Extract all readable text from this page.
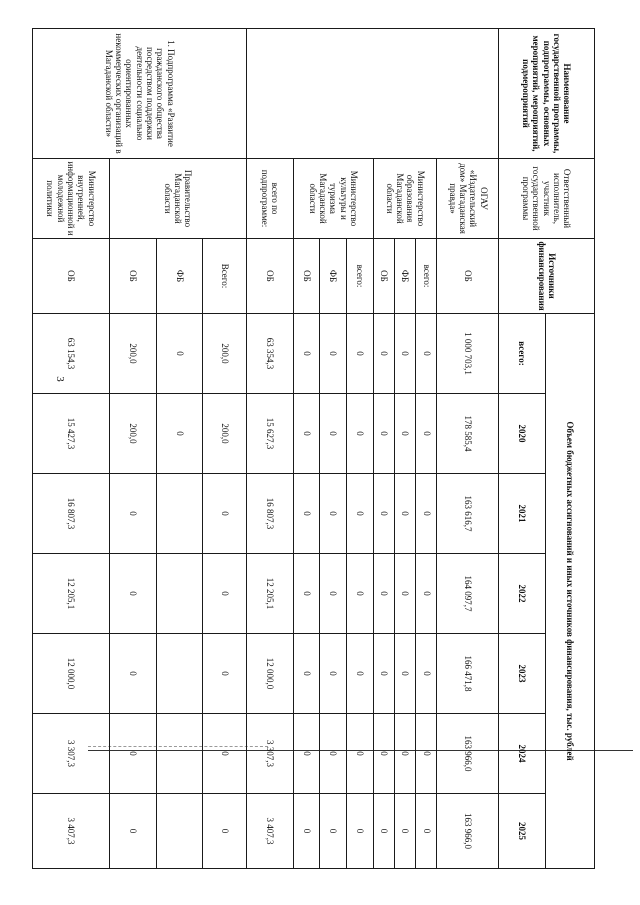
3
Наименование государственной программы, подпрограммы, основных мероприятий, мероприятий, подмероприятий	Ответственный исполнитель, участник государственной программы	Источники финансирования	Объем бюджетных ассигнований и иных источников финансирования, тыс. рублей						
			всего:	2020	2021	2022	2023	2024	2025
	ОГАУ «Издательский дом» Магаданская правда»	ОБ	1 000 703,1	178 585,4	163 616,7	164 097,7	166 471,8	163 966,0	163 966,0
	Министерство образования Магаданской области	всего:	0	0	0	0	0	0	0
		ФБ	0	0	0	0	0	0	0
		ОБ	0	0	0	0	0	0	0
	Министерство культуры и туризма Магаданской области	всего:	0	0	0	0	0	0	0
		ФБ	0	0	0	0	0	0	0
		ОБ	0	0	0	0	0	0	0
	всего по подпрограмме:	ОБ	63 354,3	15 627,3	16 807,3	12 205,1	12 000,0	3 307,3	3 407,3
1. Подпрограмма «Развитие гражданского общества посредством поддержки деятельности социально ориентированных некоммерческих организаций в Магаданской области»	Правительство Магаданской области	Всего:	200,0	200,0	0	0	0	0	0
		ФБ	0	0					
		ОБ	200,0	200,0	0	0	0	0	0
	Министерство внутренней, информационной и молодежной политики	ОБ	63 154,3	15 427,3	16 807,3	12 205,1	12 000,0	3 307,3	3 407,3
